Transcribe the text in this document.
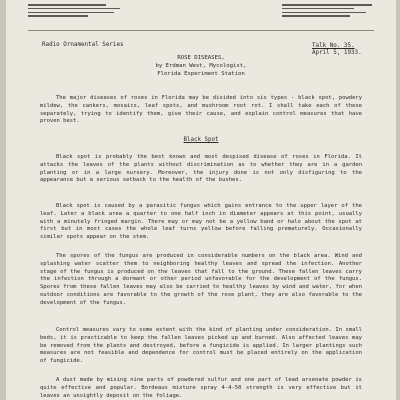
Radio Ornamental Series	Talk No. 35.
April 5, 1933.
ROSE DISEASES,
by Erdman West, Mycologist,
Florida Experiment Station

The major diseases of roses in Florida may be divided into six types - black spot, powdery mildew, the cankers, mosaics, leaf spots, and mushroom root rot. I shall take each of these separately, trying to identify them, give their cause, and explain control measures that have proven best.

Black Spot

Black spot is probably the best known and most despised disease of roses in Florida. It attacks the leaves of the plants without discrimination as to whether they are in a garden planting or in a large nursery. Moreover, the injury done is not only disfiguring to the appearance but a serious setback to the health of the bushes.

Black spot is caused by a parasitic fungus which gains entrance to the upper layer of the leaf. Later a black area a quarter to one half inch in diameter appears at this point, usually with a minutely fringed margin. There may or may not be a yellow band or halo about the spot at first but in most cases the whole leaf turns yellow before falling prematurely. Occasionally similar spots appear on the stem.

The spores of the fungus are produced in considerable numbers on the black area. Wind and splashing water scatter them to neighboring healthy leaves and spread the infection. Another stage of the fungus is produced on the leaves that fall to the ground. These fallen leaves carry the infection through a dormant or other period unfavorable for the development of the fungus. Spores from these fallen leaves may also be carried to healthy leaves by wind and water, for when outdoor conditions are favorable to the growth of the rose plant, they are also favorable to the development of the fungus.

Control measures vary to some extent with the kind of planting under consideration. In small beds, it is practicable to keep the fallen leaves picked up and burned. Also affected leaves may be removed from the plants and destroyed, before a fungicide is applied. In larger plantings such measures are not feasible and dependence for control must be placed entirely on the application of fungicide.

A dust made by mixing nine parts of powdered sulfur and one part of lead arsenate powder is quite effective and popular. Bordeaux mixture spray 4-4-50 strength is very effective but it leaves an unsightly deposit on the foliage.
